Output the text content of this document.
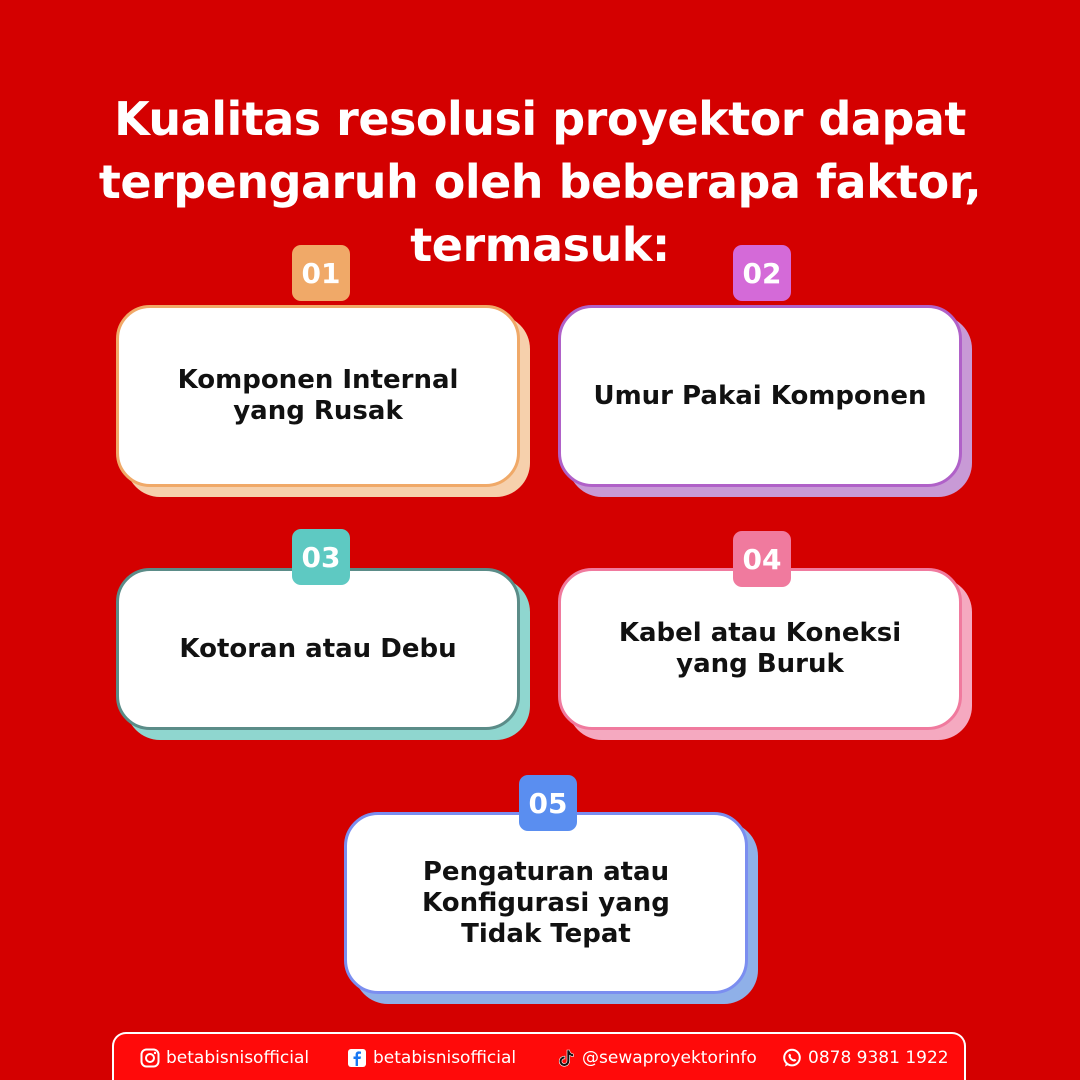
Kualitas resolusi proyektor dapat
terpengaruh oleh beberapa faktor,
termasuk:
Komponen Internal
yang Rusak
01
Umur Pakai Komponen
02
Kotoran atau Debu
03
Kabel atau Koneksi
yang Buruk
04
Pengaturan atau
Konfigurasi yang
Tidak Tepat
05
betabisnisofficial	betabisnisofficial	@sewaproyektorinfo	0878 9381 1922
